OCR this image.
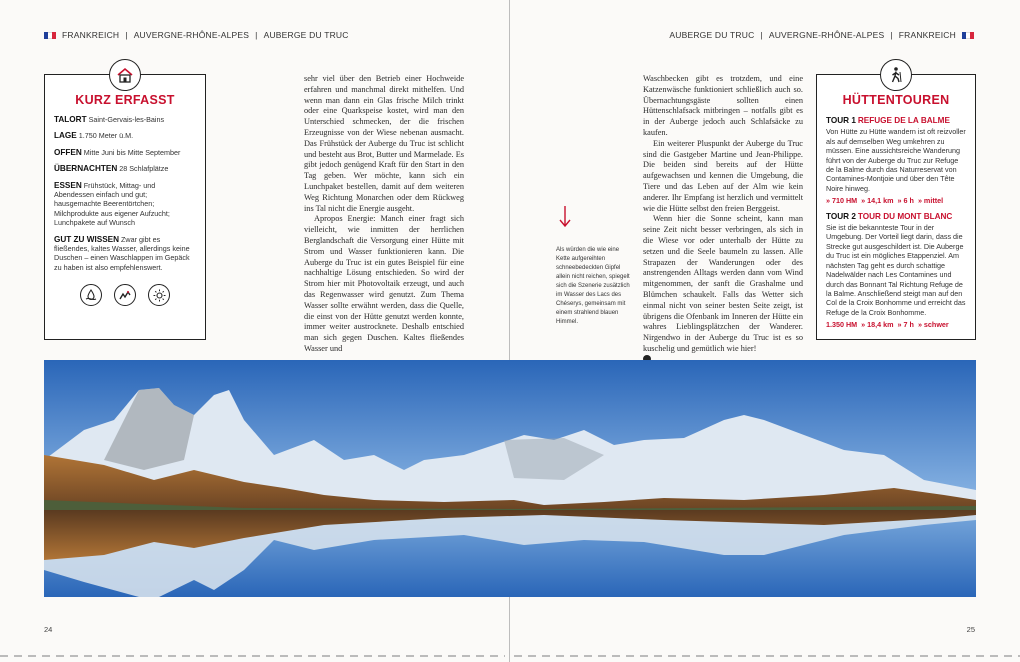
FRANKREICH | AUVERGNE-RHÔNE-ALPES | AUBERGE DU TRUC	AUBERGE DU TRUC | AUVERGNE-RHÔNE-ALPES | FRANKREICH
KURZ ERFASST

TALORT Saint-Gervais-les-Bains

LAGE 1.750 Meter ü.M.

OFFEN Mitte Juni bis Mitte September

ÜBERNACHTEN 28 Schlafplätze

ESSEN Frühstück, Mittag- und Abendessen einfach und gut; hausgemachte Beerentörtchen; Milchprodukte aus eigener Aufzucht; Lunchpakete auf Wunsch

GUT ZU WISSEN Zwar gibt es fließendes, kaltes Wasser, allerdings keine Duschen – einen Waschlappen im Gepäck zu haben ist also empfehlenswert.

sehr viel über den Betrieb einer Hochweide erfahren und manchmal direkt mithelfen. Und wenn man dann ein Glas frische Milch trinkt oder eine Quarkspeise kostet, wird man den Unterschied schmecken, der die frischen Erzeugnisse von der Wiese nebenan ausmacht. Das Frühstück der Auberge du Truc ist schlicht und besteht aus Brot, Butter und Marmelade. Es gibt jedoch genügend Kraft für den Start in den Tag geben. Wer möchte, kann sich ein Lunchpaket bestellen, damit auf dem weiteren Weg Richtung Monarchen oder dem Rückweg ins Tal nicht die Energie ausgeht.

Apropos Energie: Manch einer fragt sich vielleicht, wie inmitten der herrlichen Berglandschaft die Versorgung einer Hütte mit Strom und Wasser funktionieren kann. Die Auberge du Truc ist ein gutes Beispiel für eine nachhaltige Lösung entschieden. So wird der Strom hier mit Photovoltaik erzeugt, und auch das Regenwasser wird genutzt. Zum Thema Wasser sollte erwähnt werden, dass die Quelle, die einst von der Hütte genutzt werden konnte, immer weiter austrocknete. Deshalb entschied man sich gegen Duschen. Kaltes fließendes Wasser und

Als würden die wie eine Kette aufgereihten schneebedeckten Gipfel allein nicht reichen, spiegelt sich die Szenerie zusätzlich im Wasser des Lacs des Chéserys, gemeinsam mit einem strahlend blauen Himmel.

Waschbecken gibt es trotzdem, und eine Katzenwäsche funktioniert schließlich auch so. Übernachtungsgäste sollten einen Hüttenschlafsack mitbringen – notfalls gibt es in der Auberge jedoch auch Schlafsäcke zu kaufen.

Ein weiterer Pluspunkt der Auberge du Truc sind die Gastgeber Martine und Jean-Philippe. Die beiden sind bereits auf der Hütte aufgewachsen und kennen die Umgebung, die Tiere und das Leben auf der Alm wie kein anderer. Ihr Empfang ist herzlich und vermittelt wie die Hütte selbst den freien Berggeist.

Wenn hier die Sonne scheint, kann man seine Zeit nicht besser verbringen, als sich in die Wiese vor oder unterhalb der Hütte zu setzen und die Seele baumeln zu lassen. Alle Strapazen der Wanderungen oder des anstrengenden Alltags werden dann vom Wind mitgenommen, der sanft die Grashalme und Blümchen schaukelt. Falls das Wetter sich einmal nicht von seiner besten Seite zeigt, ist übrigens die Ofenbank im Inneren der Hütte ein wahres Lieblingsplätzchen der Wanderer. Nirgendwo in der Auberge du Truc ist es so kuschelig und gemütlich wie hier!

HÜTTENTOUREN

TOUR 1 REFUGE DE LA BALME

Von Hütte zu Hütte wandern ist oft reizvoller als auf demselben Weg umkehren zu müssen. Eine aussichtsreiche Wanderung führt von der Auberge du Truc zur Refuge de la Balme durch das Naturreservat von Contamines-Montjoie und über den Tête Noire hinweg.

» 710 HM » 14,1 km » 6 h » mittel

TOUR 2 TOUR DU MONT BLANC

Sie ist die bekannteste Tour in der Umgebung. Der Vorteil liegt darin, dass die Strecke gut ausgeschildert ist. Die Auberge du Truc ist ein mögliches Etappenziel. Am nächsten Tag geht es durch schattige Nadelwälder nach Les Contamines und durch das Bonnant Tal Richtung Refuge de la Balme. Anschließend steigt man auf den Col de la Croix Bonhomme und erreicht das Refuge de la Croix Bonhomme.

1.350 HM » 18,4 km » 7 h » schwer

24	25
